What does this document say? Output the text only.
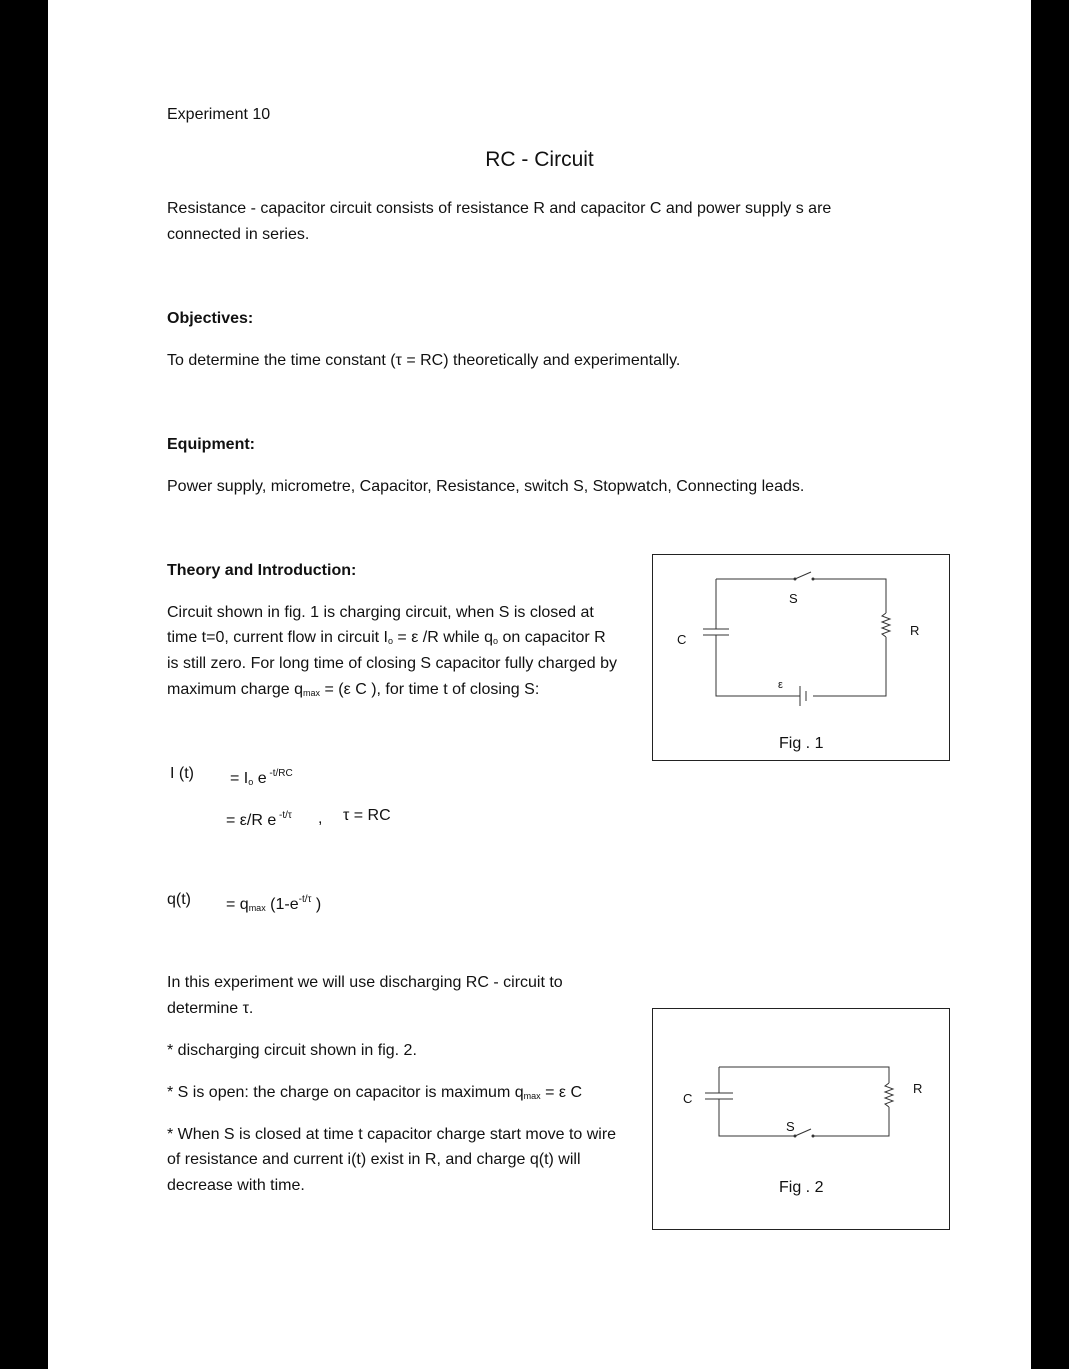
Experiment 10
RC - Circuit
Resistance - capacitor circuit consists of resistance R and capacitor C and power supply s are
connected in series.
Objectives:
To determine the time constant (τ = RC) theoretically and experimentally.
Equipment:
Power supply, micrometre, Capacitor, Resistance, switch S, Stopwatch, Connecting leads.
Theory and Introduction:
Circuit shown in fig. 1 is charging circuit, when S is closed at
time t=0, current flow in circuit $I_o = \varepsilon$ /R while $q_o$ on capacitor R
is still zero. For long time of closing S capacitor fully charged by
maximum charge $q_{max} = (\varepsilon$ C ), for time t of closing S:
I $(t) = I_o$ e $^{-t/RC}$
= ε/R e $^{-t/\tau}$ , τ = RC
$q(t) = q_{max}$ ($1-e^{-t/\tau}$ )
In this experiment we will use discharging RC - circuit to
determine τ.
* discharging circuit shown in fig. 2.
* S is open: the charge on capacitor is maximum $q_{max} = \varepsilon$ C
* When S is closed at time t capacitor charge start move to wire
of resistance and current i(t) exist in R, and charge q(t) will
decrease with time.
S
R
C
ε
Fig . 1
R
C
S
Fig . 2
